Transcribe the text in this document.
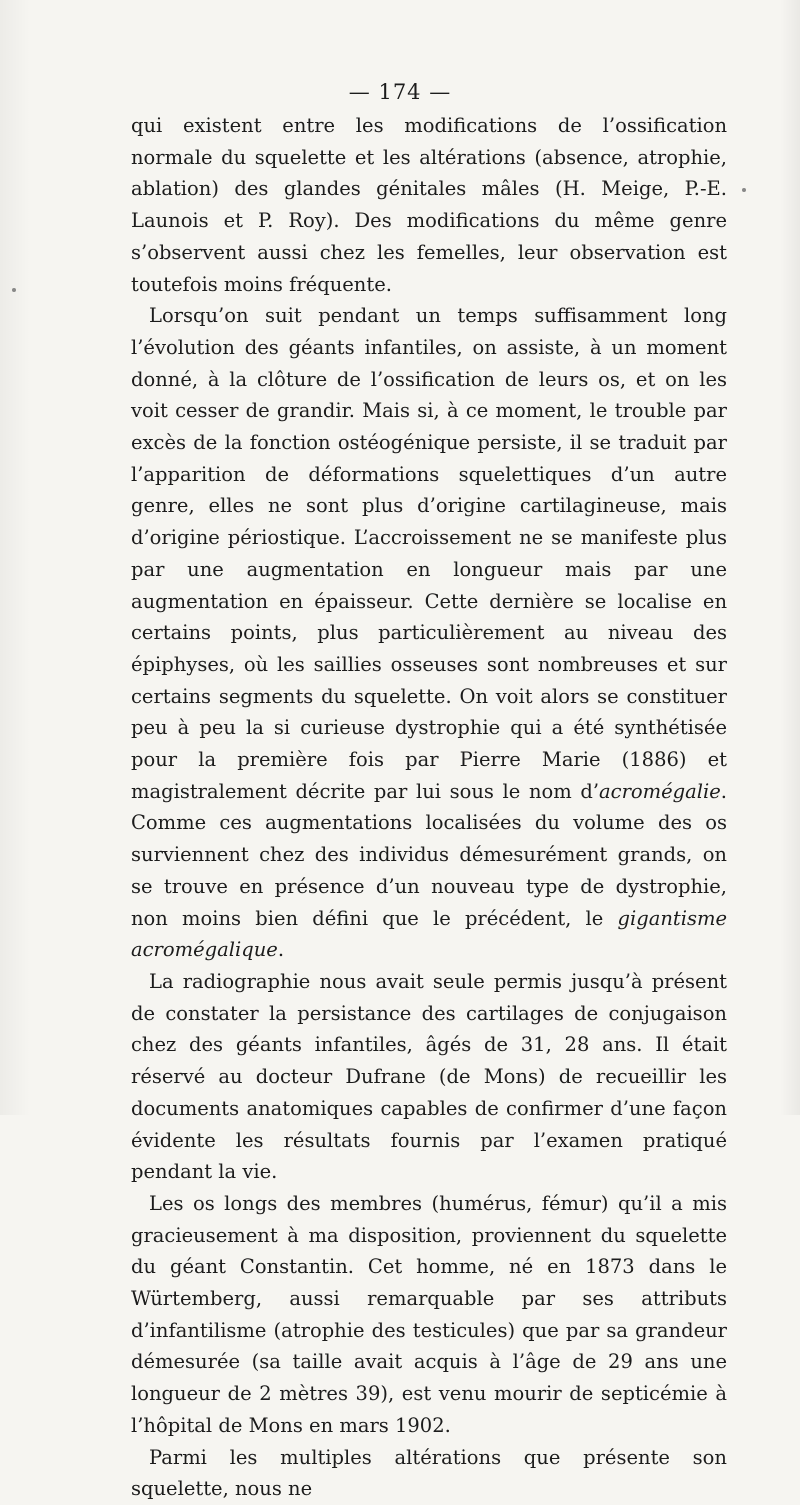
— 174 —

qui existent entre les modifications de l’ossification normale du squelette et les altérations (absence, atrophie, ablation) des glandes génitales mâles (H. Meige, P.-E. Launois et P. Roy). Des modifications du même genre s’observent aussi chez les femelles, leur observation est toutefois moins fréquente.

Lorsqu’on suit pendant un temps suffisamment long l’évolution des géants infantiles, on assiste, à un moment donné, à la clôture de l’ossification de leurs os, et on les voit cesser de grandir. Mais si, à ce moment, le trouble par excès de la fonction ostéogénique persiste, il se traduit par l’apparition de déformations squelettiques d’un autre genre, elles ne sont plus d’origine cartilagineuse, mais d’origine périostique. L’accroissement ne se manifeste plus par une augmentation en longueur mais par une augmentation en épaisseur. Cette dernière se localise en certains points, plus particulièrement au niveau des épiphyses, où les saillies osseuses sont nombreuses et sur certains segments du squelette. On voit alors se constituer peu à peu la si curieuse dystrophie qui a été synthétisée pour la première fois par Pierre Marie (1886) et magistralement décrite par lui sous le nom d’acromégalie. Comme ces augmentations localisées du volume des os surviennent chez des individus démesurément grands, on se trouve en présence d’un nouveau type de dystrophie, non moins bien défini que le précédent, le gigantisme acromégalique.

La radiographie nous avait seule permis jusqu’à présent de constater la persistance des cartilages de conjugaison chez des géants infantiles, âgés de 31, 28 ans. Il était réservé au docteur Dufrane (de Mons) de recueillir les documents anatomiques capables de confirmer d’une façon évidente les résultats fournis par l’examen pratiqué pendant la vie.

Les os longs des membres (humérus, fémur) qu’il a mis gracieusement à ma disposition, proviennent du squelette du géant Constantin. Cet homme, né en 1873 dans le Würtemberg, aussi remarquable par ses attributs d’infantilisme (atrophie des testicules) que par sa grandeur démesurée (sa taille avait acquis à l’âge de 29 ans une longueur de 2 mètres 39), est venu mourir de septicémie à l’hôpital de Mons en mars 1902.

Parmi les multiples altérations que présente son squelette, nous ne
